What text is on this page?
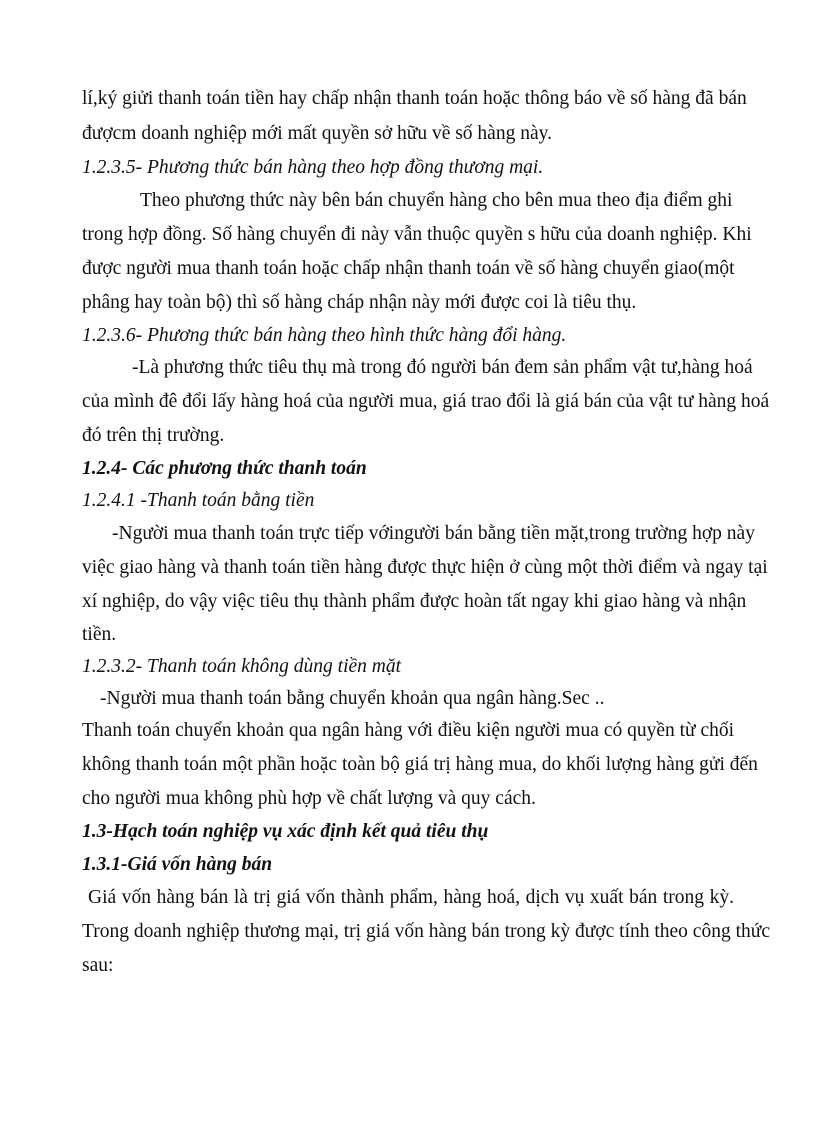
lí,ký giửi thanh toán tiền hay chấp nhận thanh toán hoặc thông báo về số hàng đã bán
đượcm doanh nghiệp mới mất quyền sở hữu về số hàng này.
1.2.3.5- Phương thức bán hàng theo hợp đồng thương mại.
Theo phương thức này bên bán chuyển hàng cho bên mua theo địa điểm ghi
trong hợp đồng. Số hàng chuyển đi này vẫn thuộc quyền s hữu của doanh nghiệp. Khi
được người mua thanh toán hoặc chấp nhận thanh toán về số hàng chuyển giao(một
phâng hay toàn bộ) thì số hàng cháp nhận này mới được coi là tiêu thụ.
1.2.3.6- Phương thức bán hàng theo hình thức hàng đổi hàng.
-Là phương thức tiêu thụ mà trong đó người bán đem sản phẩm vật tư,hàng hoá
của mình đê đổi lấy hàng hoá của người mua, giá trao đổi là giá bán của vật tư hàng hoá
đó trên thị trường.
1.2.4- Các phương thức thanh toán
1.2.4.1 -Thanh toán bằng tiền
-Người mua thanh toán trực tiếp vớingười bán bằng tiền mặt,trong trường hợp này
việc giao hàng và thanh toán tiền hàng được thực hiện ở cùng một thời điểm và ngay tại
xí nghiệp, do vậy việc tiêu thụ thành phẩm được hoàn tất ngay khi giao hàng và nhận
tiền.
1.2.3.2- Thanh toán không dùng tiền mặt
-Người mua thanh toán bằng chuyển khoản qua ngân hàng.Sec ..
Thanh toán chuyển khoản qua ngân hàng với điều kiện người mua có quyền từ chối
không thanh toán một phần hoặc toàn bộ giá trị hàng mua, do khối lượng hàng gửi đến
cho người mua không phù hợp về chất lượng và quy cách.
1.3-Hạch toán nghiệp vụ xác định kết quả tiêu thụ
1.3.1-Giá vốn hàng bán
Giá vốn hàng bán là trị giá vốn thành phẩm, hàng hoá, dịch vụ xuất bán trong kỳ.
Trong doanh nghiệp thương mại, trị giá vốn hàng bán trong kỳ được tính theo công thức
sau:
